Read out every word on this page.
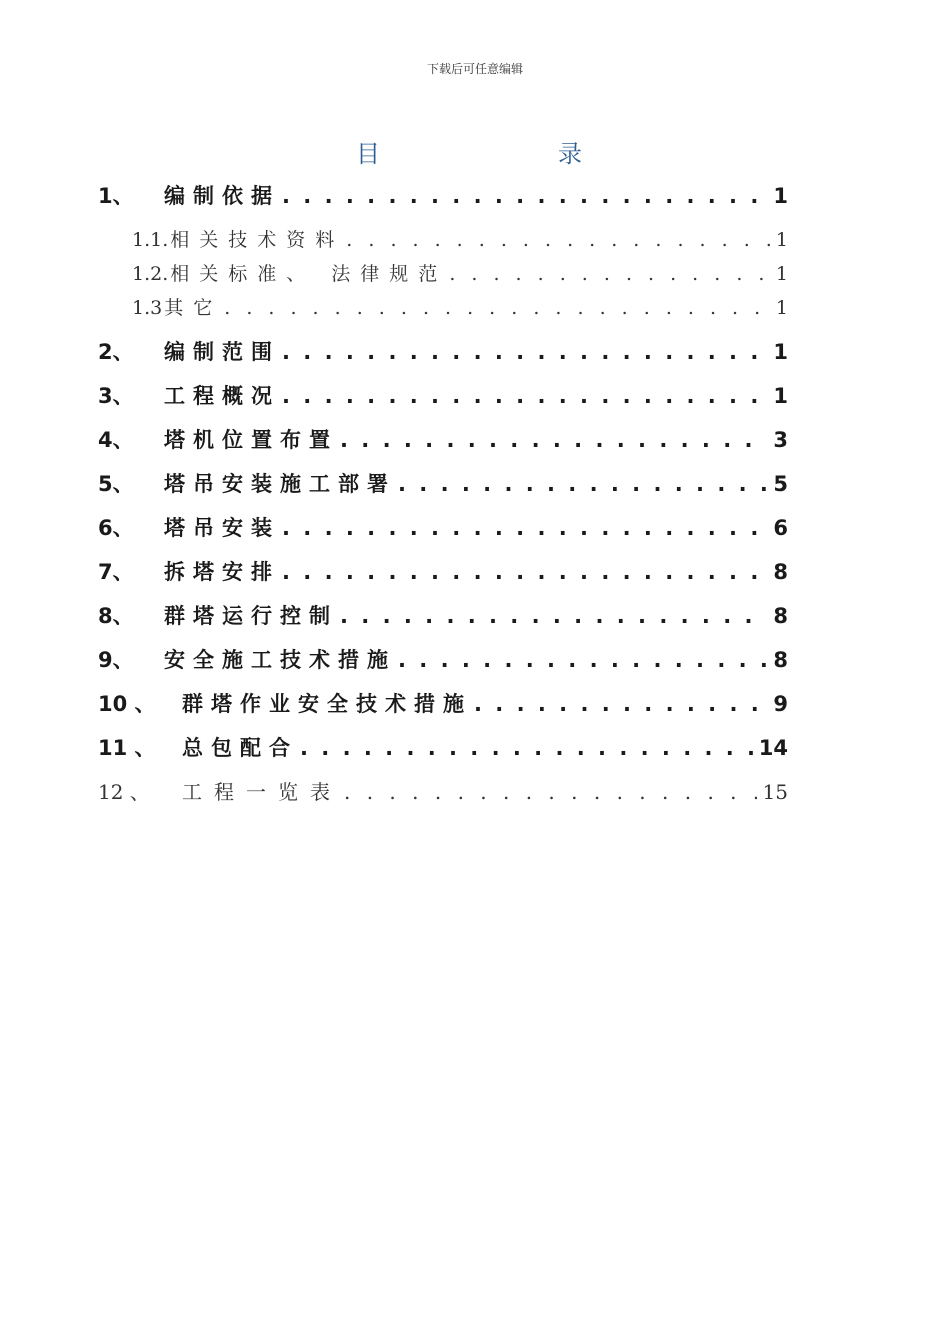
下载后可任意编辑
目	录
1、	编制依据 . . .	1
1.1. 相关技术资料 . . .	1
1.2. 相关标准、 法律规范 . . .	1
1.3 其它 . . .	1
2、	编制范围 . . .	1
3、	工程概况 . . .	1
4、	塔机位置布置 . . .	3
5、	塔吊安装施工部署 . . .	5
6、	塔吊安装 . . .	6
7、	拆塔安排 . . .	8
8、	群塔运行控制 . . .	8
9、	安全施工技术措施 . . .	8
10 、	群塔作业安全技术措施 . . .	9
11 、	总包配合 . . .	14
12 、	工程一览表 . . .	15
